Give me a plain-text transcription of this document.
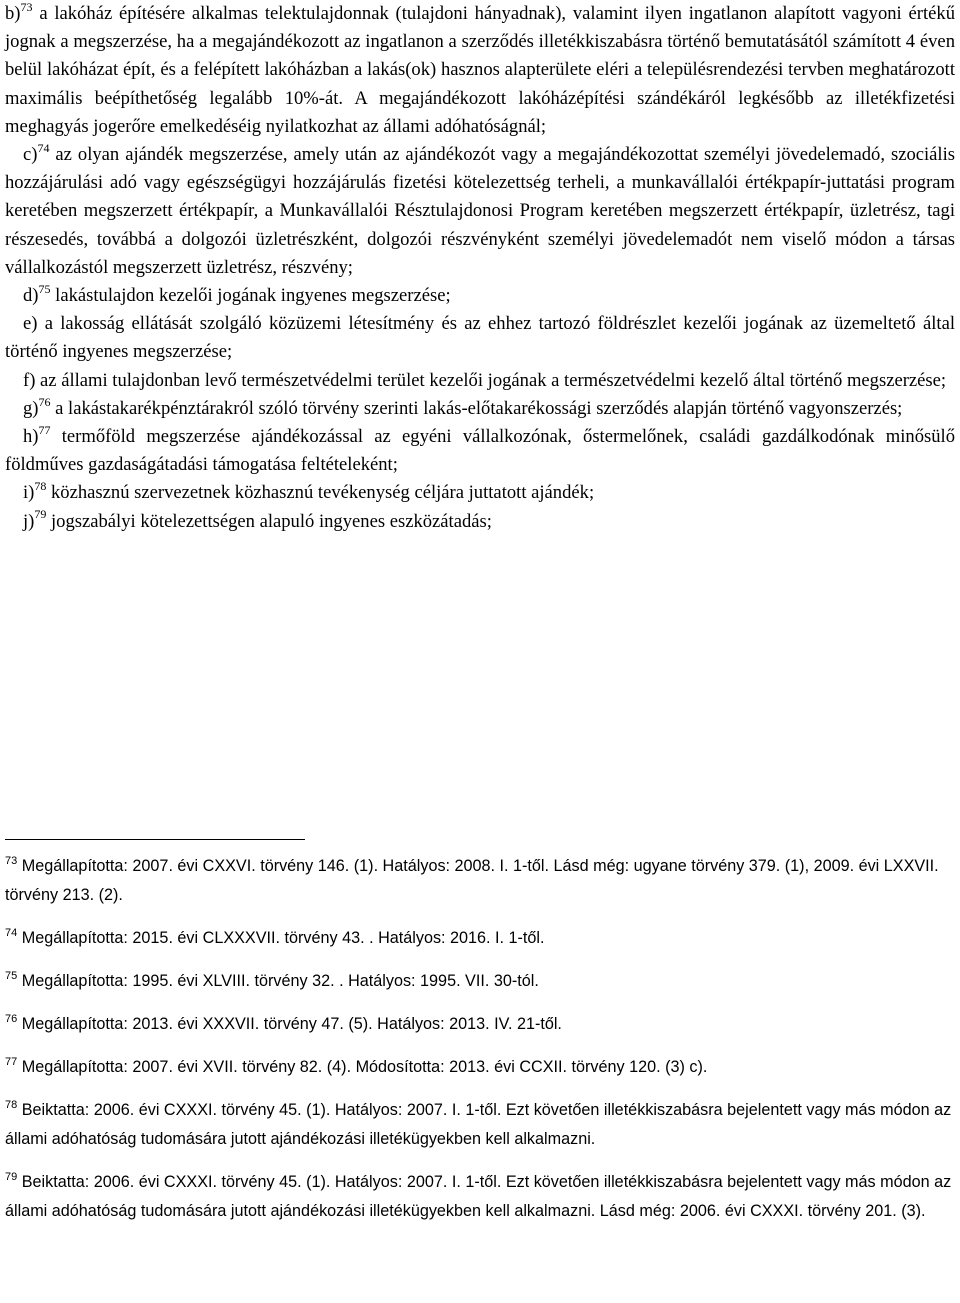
b)$^{73}$ a lakóház építésére alkalmas telektulajdonnak (tulajdoni hányadnak), valamint ilyen ingatlanon alapított vagyoni értékű jognak a megszerzése, ha a megajándékozott az ingatlanon a szerződés illetékkiszabásra történő bemutatásától számított 4 éven belül lakóházat épít, és a felépített lakóházban a lakás(ok) hasznos alapterülete eléri a településrendezési tervben meghatározott maximális beépíthetőség legalább 10%-át. A megajándékozott lakóházépítési szándékáról legkésőbb az illetékfizetési meghagyás jogerőre emelkedéséig nyilatkozhat az állami adóhatóságnál;

c)$^{74}$ az olyan ajándék megszerzése, amely után az ajándékozót vagy a megajándékozottat személyi jövedelemadó, szociális hozzájárulási adó vagy egészségügyi hozzájárulás fizetési kötelezettség terheli, a munkavállalói értékpapír-juttatási program keretében megszerzett értékpapír, a Munkavállalói Résztulajdonosi Program keretében megszerzett értékpapír, üzletrész, tagi részesedés, továbbá a dolgozói üzletrészként, dolgozói részvényként személyi jövedelemadót nem viselő módon a társas vállalkozástól megszerzett üzletrész, részvény;

d)$^{75}$ lakástulajdon kezelői jogának ingyenes megszerzése;

e) a lakosság ellátását szolgáló közüzemi létesítmény és az ehhez tartozó földrészlet kezelői jogának az üzemeltető által történő ingyenes megszerzése;

f) az állami tulajdonban levő természetvédelmi terület kezelői jogának a természetvédelmi kezelő által történő megszerzése;

g)$^{76}$ a lakástakarékpénztárakról szóló törvény szerinti lakás-előtakarékossági szerződés alapján történő vagyonszerzés;

h)$^{77}$ termőföld megszerzése ajándékozással az egyéni vállalkozónak, őstermelőnek, családi gazdálkodónak minősülő földműves gazdaságátadási támogatása feltételeként;

i)$^{78}$ közhasznú szervezetnek közhasznú tevékenység céljára juttatott ajándék;

j)$^{79}$ jogszabályi kötelezettségen alapuló ingyenes eszközátadás;

$^{73}$ Megállapította: 2007. évi CXXVI. törvény 146. (1). Hatályos: 2008. I. 1-től. Lásd még: ugyane törvény 379. (1), 2009. évi LXXVII. törvény 213. (2).

$^{74}$ Megállapította: 2015. évi CLXXXVII. törvény 43. . Hatályos: 2016. I. 1-től.

$^{75}$ Megállapította: 1995. évi XLVIII. törvény 32. . Hatályos: 1995. VII. 30-tól.

$^{76}$ Megállapította: 2013. évi XXXVII. törvény 47. (5). Hatályos: 2013. IV. 21-től.

$^{77}$ Megállapította: 2007. évi XVII. törvény 82. (4). Módosította: 2013. évi CCXII. törvény 120. (3) c).

$^{78}$ Beiktatta: 2006. évi CXXXI. törvény 45. (1). Hatályos: 2007. I. 1-től. Ezt követően illetékkiszabásra bejelentett vagy más módon az állami adóhatóság tudomására jutott ajándékozási illetékügyekben kell alkalmazni.

$^{79}$ Beiktatta: 2006. évi CXXXI. törvény 45. (1). Hatályos: 2007. I. 1-től. Ezt követően illetékkiszabásra bejelentett vagy más módon az állami adóhatóság tudomására jutott ajándékozási illetékügyekben kell alkalmazni. Lásd még: 2006. évi CXXXI. törvény 201. (3).
